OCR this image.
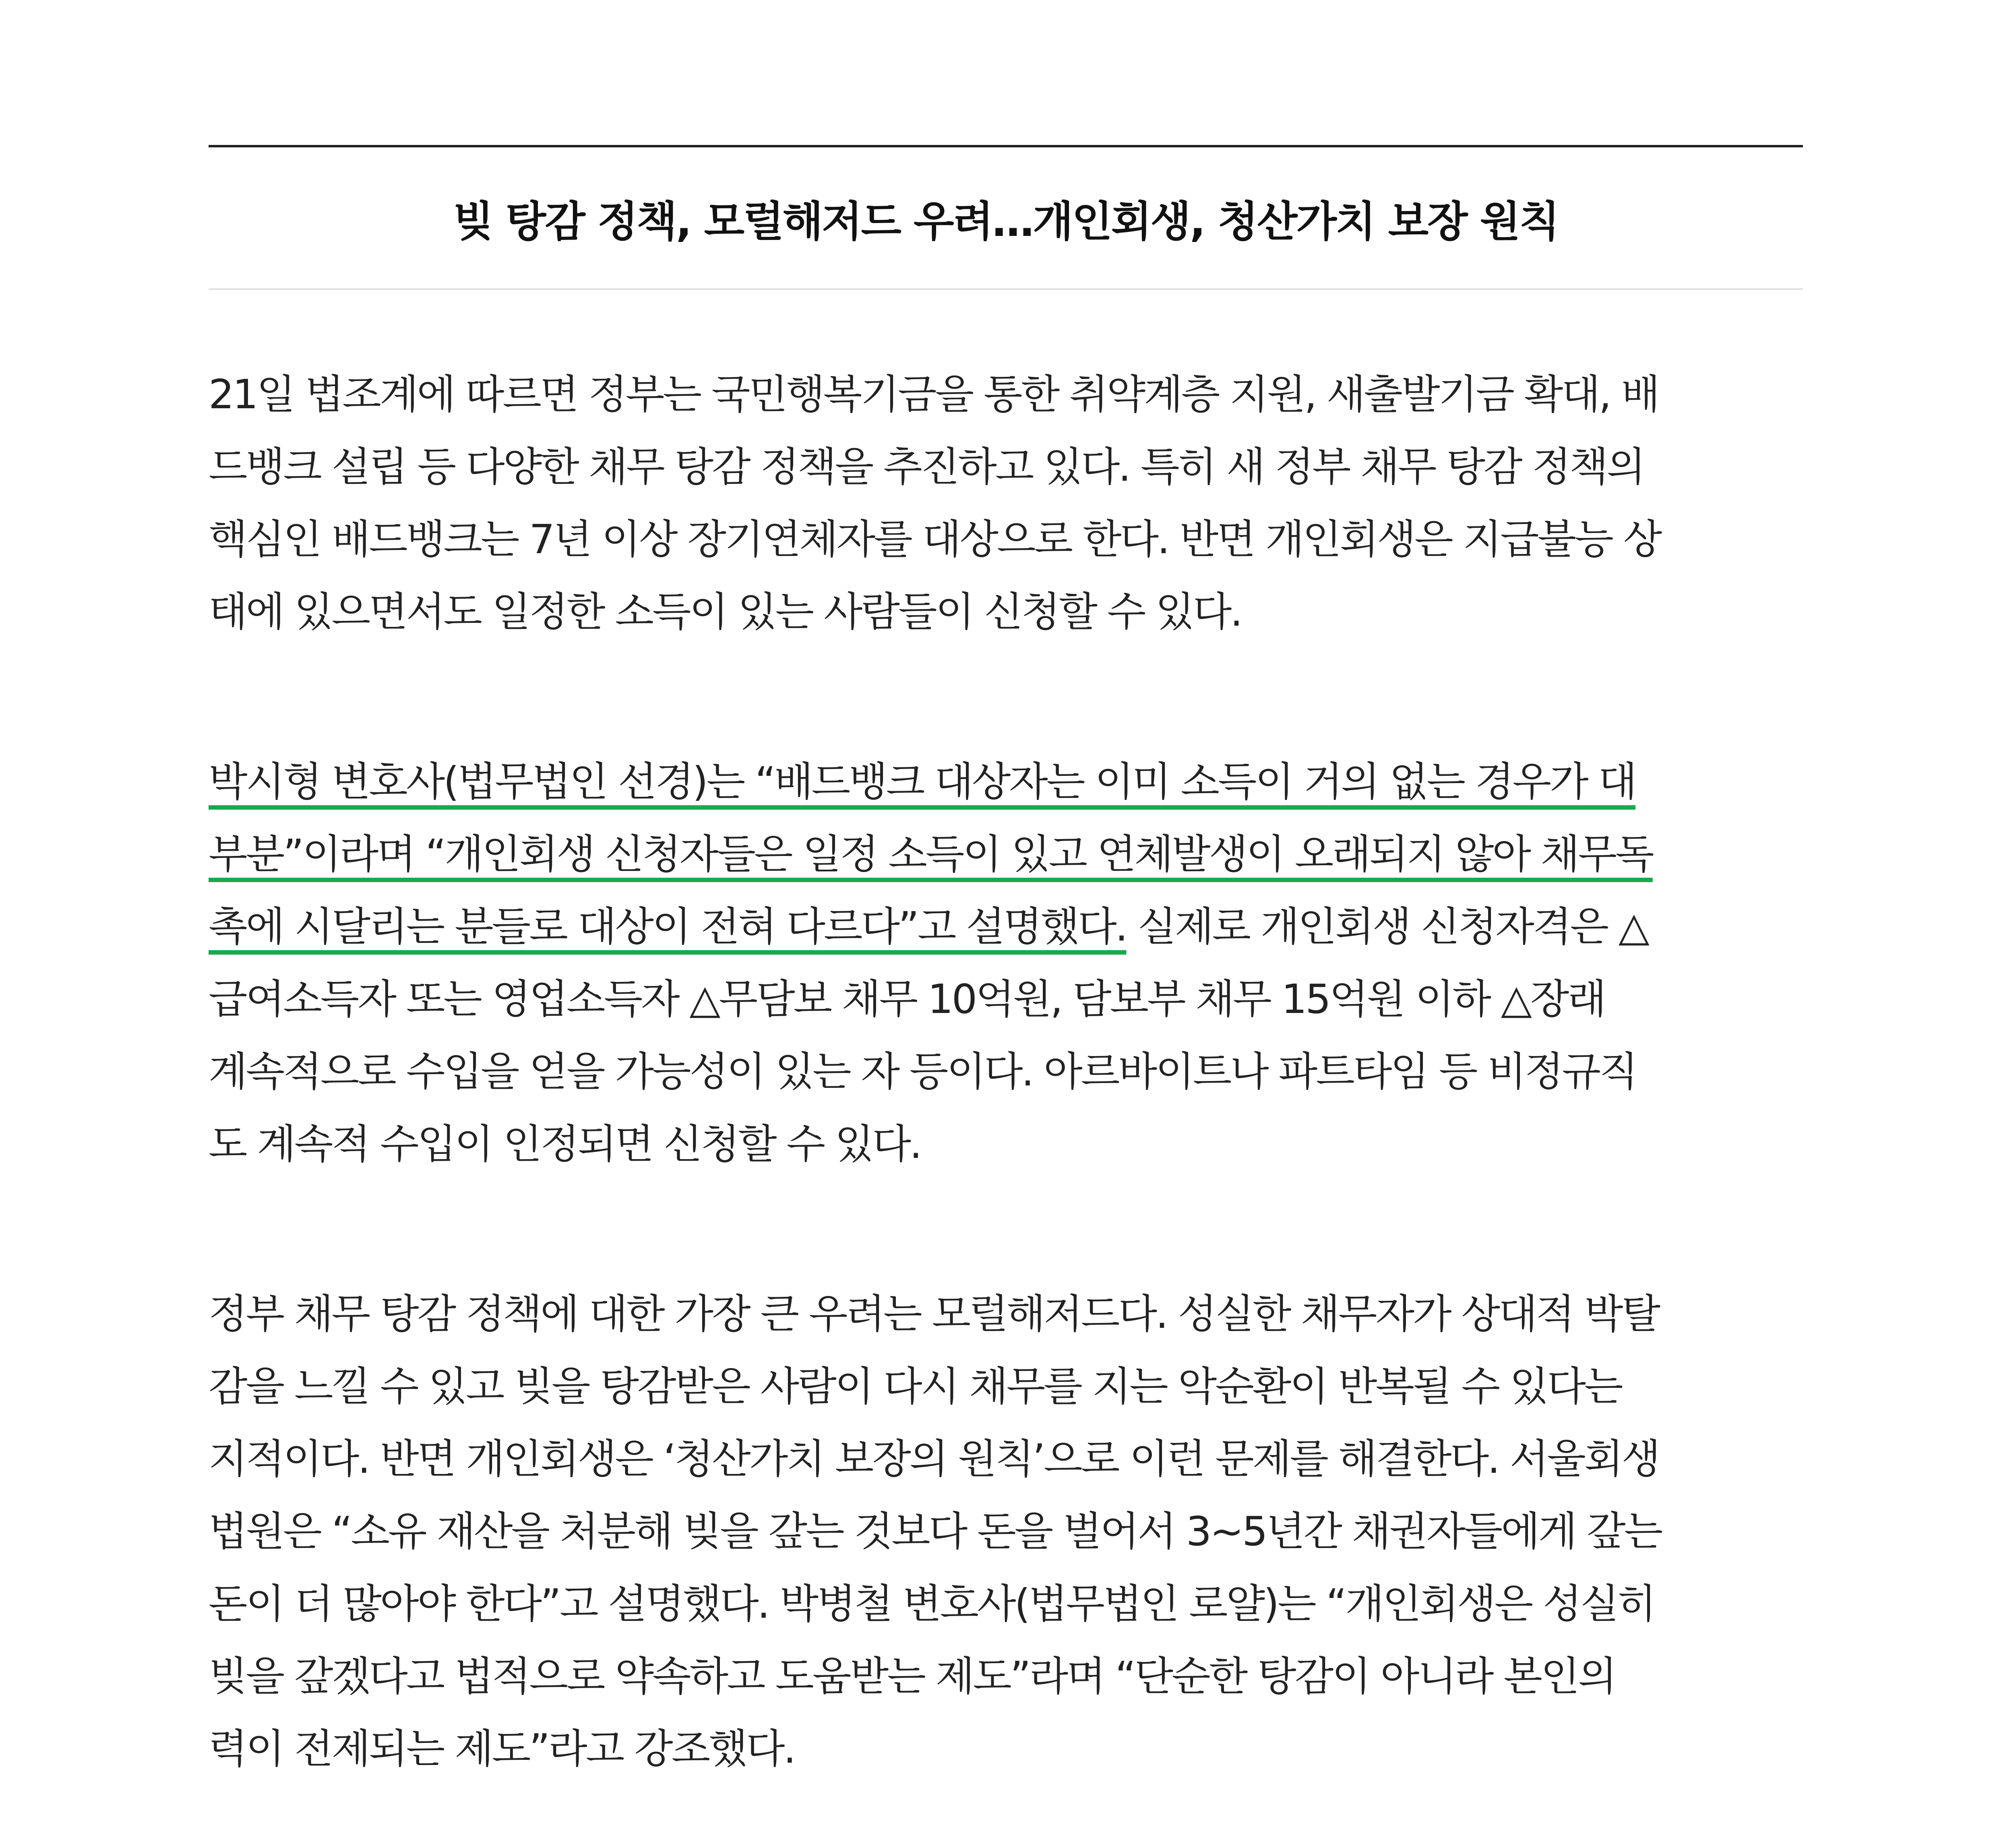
빚 탕감 정책, 모럴해저드 우려…개인회생, 청산가치 보장 원칙

21일 법조계에 따르면 정부는 국민행복기금을 통한 취약계층 지원, 새출발기금 확대, 배
드뱅크 설립 등 다양한 채무 탕감 정책을 추진하고 있다. 특히 새 정부 채무 탕감 정책의
핵심인 배드뱅크는 7년 이상 장기연체자를 대상으로 한다. 반면 개인회생은 지급불능 상
태에 있으면서도 일정한 소득이 있는 사람들이 신청할 수 있다.

박시형 변호사(법무법인 선경)는 “배드뱅크 대상자는 이미 소득이 거의 없는 경우가 대
부분”이라며 “개인회생 신청자들은 일정 소득이 있고 연체발생이 오래되지 않아 채무독
촉에 시달리는 분들로 대상이 전혀 다르다”고 설명했다. 실제로 개인회생 신청자격은 △
급여소득자 또는 영업소득자 △무담보 채무 10억원, 담보부 채무 15억원 이하 △장래
계속적으로 수입을 얻을 가능성이 있는 자 등이다. 아르바이트나 파트타임 등 비정규직
도 계속적 수입이 인정되면 신청할 수 있다.

정부 채무 탕감 정책에 대한 가장 큰 우려는 모럴해저드다. 성실한 채무자가 상대적 박탈
감을 느낄 수 있고 빚을 탕감받은 사람이 다시 채무를 지는 악순환이 반복될 수 있다는
지적이다. 반면 개인회생은 ‘청산가치 보장의 원칙’으로 이런 문제를 해결한다. 서울회생
법원은 “소유 재산을 처분해 빚을 갚는 것보다 돈을 벌어서 3~5년간 채권자들에게 갚는
돈이 더 많아야 한다”고 설명했다. 박병철 변호사(법무법인 로얄)는 “개인회생은 성실히
빚을 갚겠다고 법적으로 약속하고 도움받는 제도”라며 “단순한 탕감이 아니라 본인의
력이 전제되는 제도”라고 강조했다.
